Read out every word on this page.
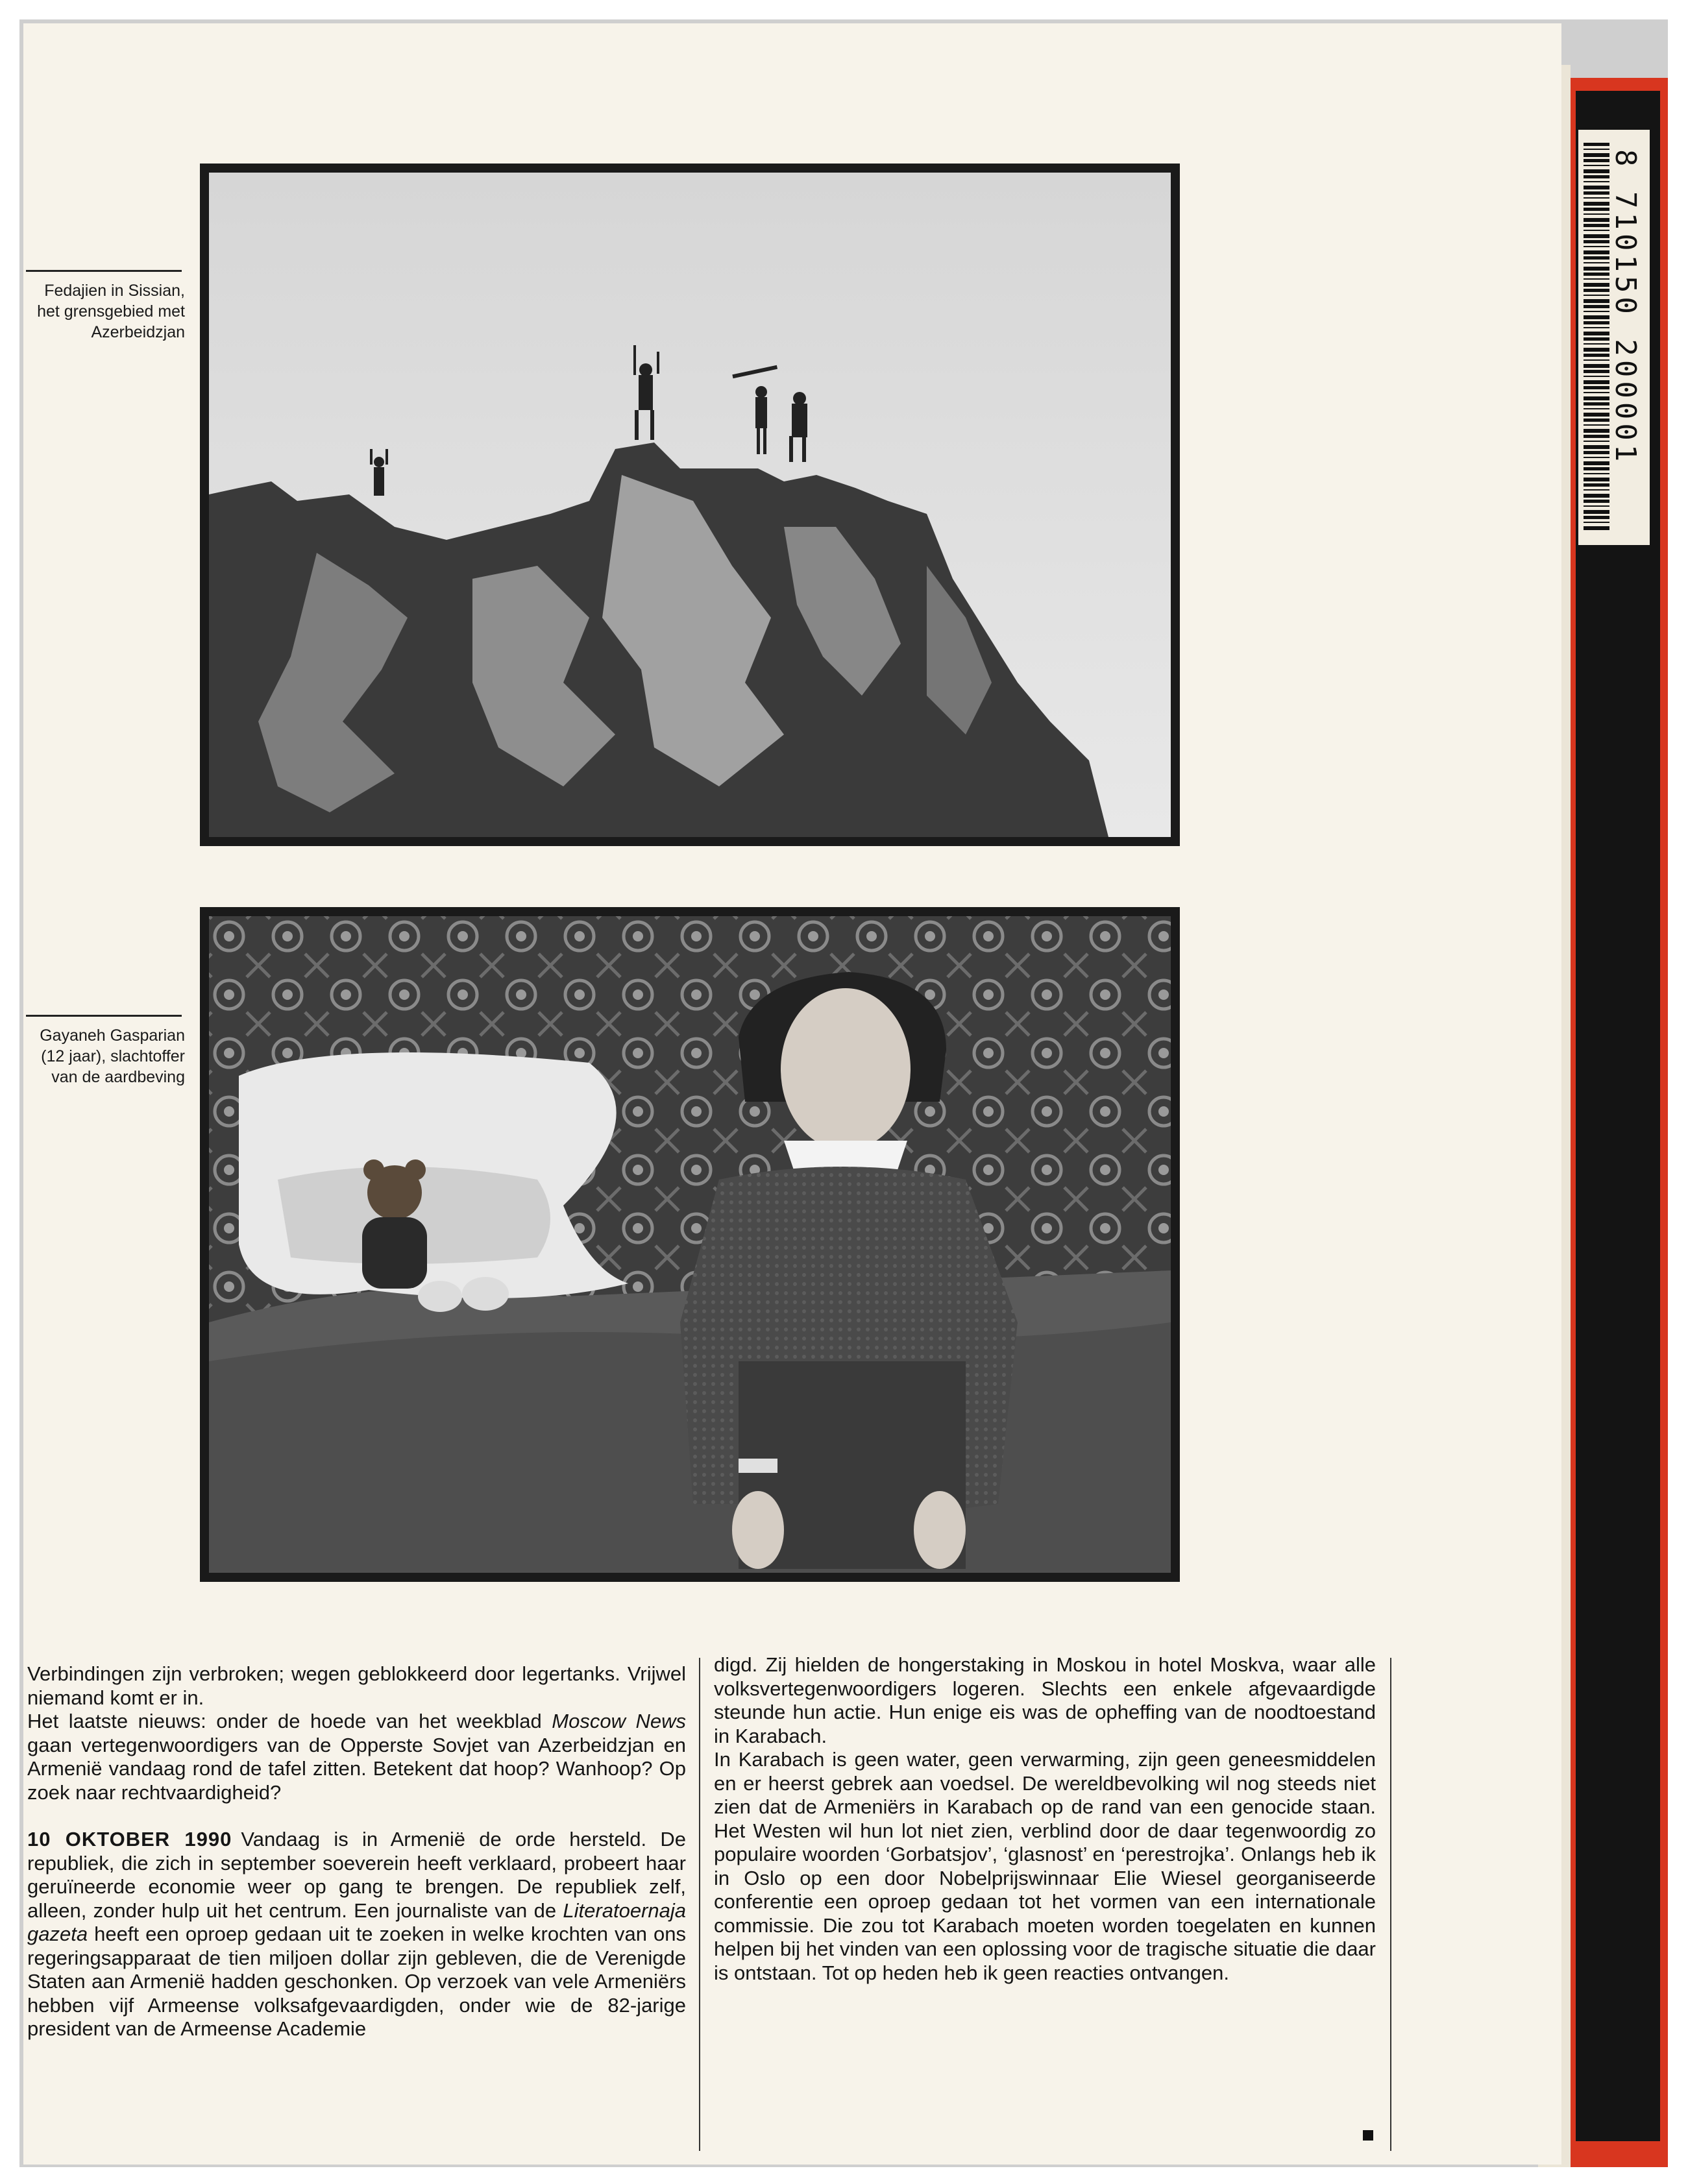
8 710150 200001

Fedajien in Sissian,
het grensgebied met
Azerbeidzjan
Gayaneh Gasparian
(12 jaar), slachtoffer
van de aardbeving

Verbindingen zijn verbroken; wegen geblokkeerd door legertanks. Vrijwel niemand komt er in.

Het laatste nieuws: onder de hoede van het weekblad Moscow News gaan vertegenwoordigers van de Opperste Sovjet van Azerbeidzjan en Armenië vandaag rond de tafel zitten. Betekent dat hoop? Wanhoop? Op zoek naar rechtvaardigheid?

10 OKTOBER 1990 Vandaag is in Armenië de orde hersteld. De republiek, die zich in september soeverein heeft verklaard, probeert haar geruïneerde economie weer op gang te brengen. De republiek zelf, alleen, zonder hulp uit het centrum. Een journaliste van de Literatoernaja gazeta heeft een oproep gedaan uit te zoeken in welke krochten van ons regeringsapparaat de tien miljoen dollar zijn gebleven, die de Verenigde Staten aan Armenië hadden geschonken. Op verzoek van vele Armeniërs hebben vijf Armeense volksafgevaardigden, onder wie de 82-jarige president van de Armeense Academie

digd. Zij hielden de hongerstaking in Moskou in hotel Moskva, waar alle volksvertegenwoordigers logeren. Slechts een enkele afgevaardigde steunde hun actie. Hun enige eis was de opheffing van de noodtoestand in Karabach.

In Karabach is geen water, geen verwarming, zijn geen geneesmiddelen en er heerst gebrek aan voedsel. De wereldbevolking wil nog steeds niet zien dat de Armeniërs in Karabach op de rand van een genocide staan. Het Westen wil hun lot niet zien, verblind door de daar tegenwoordig zo populaire woorden ‘Gorbatsjov’, ‘glasnost’ en ‘perestrojka’. Onlangs heb ik in Oslo op een door Nobelprijswinnaar Elie Wiesel georganiseerde conferentie een oproep gedaan tot het vormen van een internationale commissie. Die zou tot Karabach moeten worden toegelaten en kunnen helpen bij het vinden van een oplossing voor de tragische situatie die daar is ontstaan. Tot op heden heb ik geen reacties ontvangen.
